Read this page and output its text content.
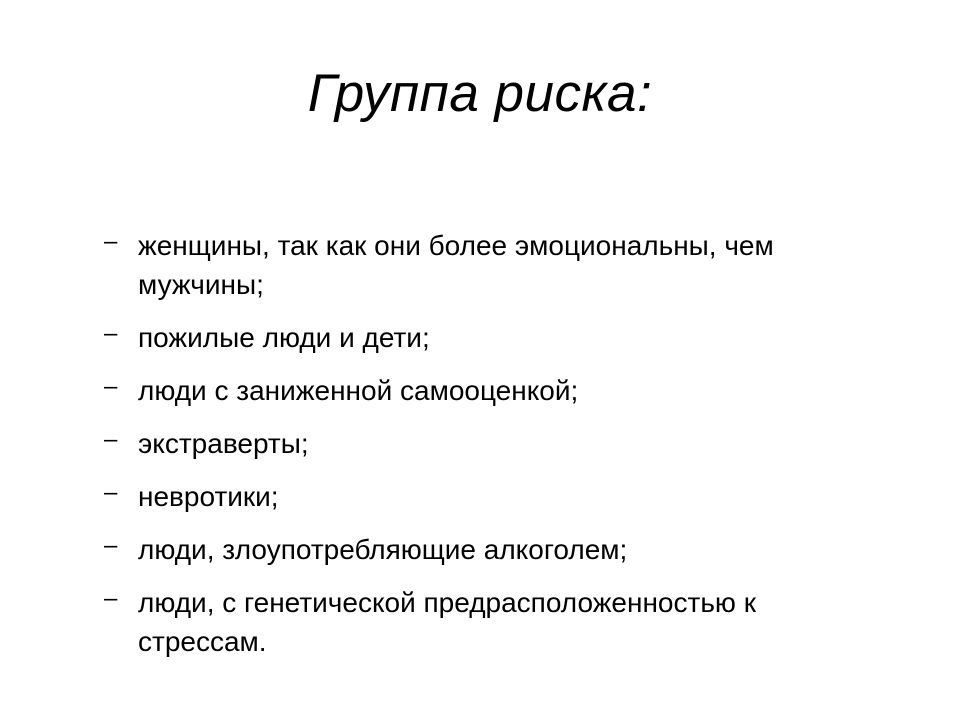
Группа риска:
– женщины, так как они более эмоциональны, чем мужчины;
– пожилые люди и дети;
– люди с заниженной самооценкой;
– экстраверты;
– невротики;
– люди, злоупотребляющие алкоголем;
– люди, с генетической предрасположенностью к стрессам.
